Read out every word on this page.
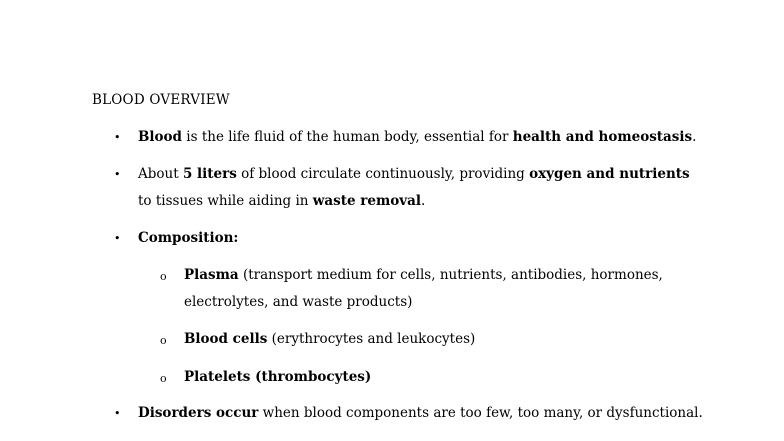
BLOOD OVERVIEW
• Blood is the life fluid of the human body, essential for health and homeostasis.
• About 5 liters of blood circulate continuously, providing oxygen and nutrients to tissues while aiding in waste removal.
• Composition:
o Plasma (transport medium for cells, nutrients, antibodies, hormones, electrolytes, and waste products)
o Blood cells (erythrocytes and leukocytes)
o Platelets (thrombocytes)
• Disorders occur when blood components are too few, too many, or dysfunctional.
